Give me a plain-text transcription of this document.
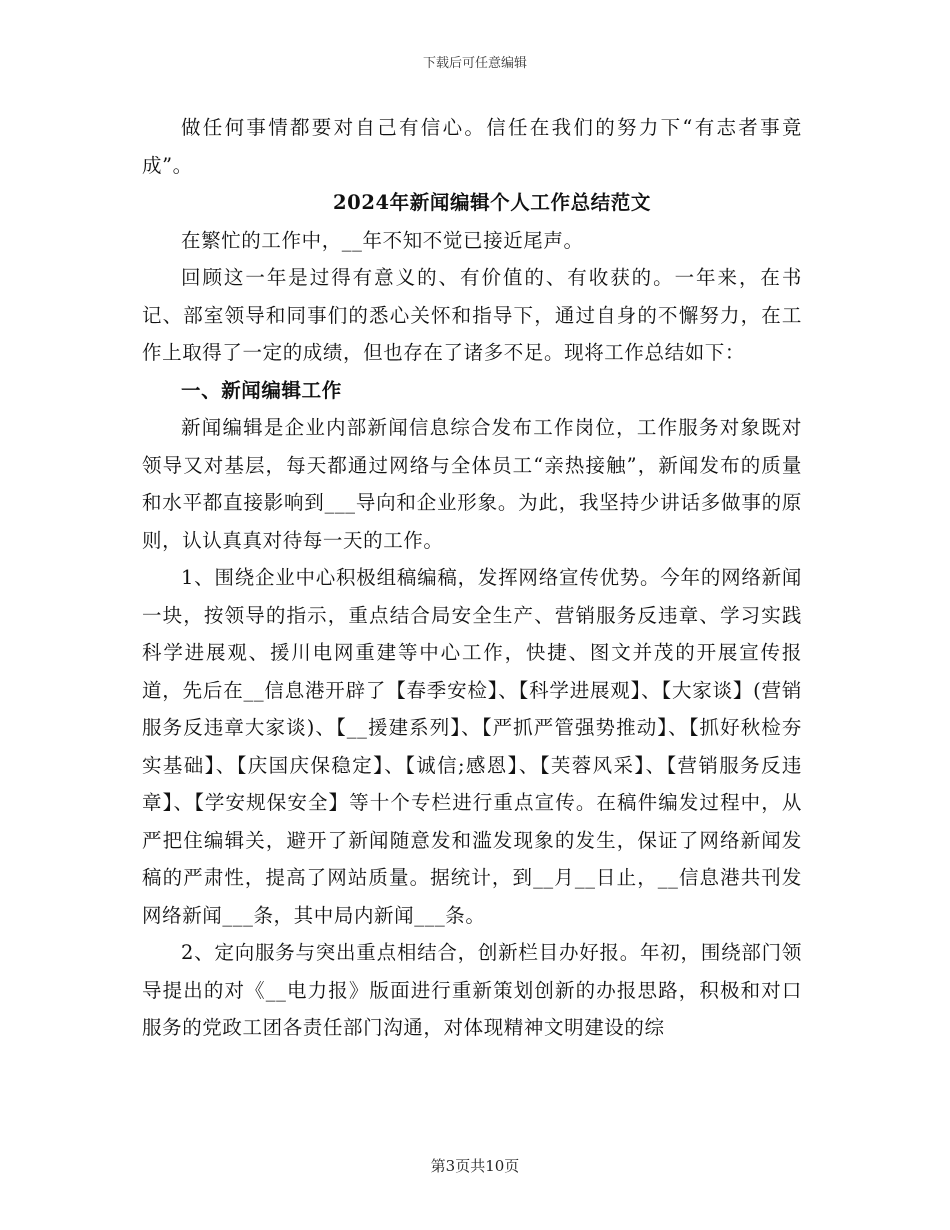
下载后可任意编辑

做任何事情都要对自己有信心。信任在我们的努力下“有志者事竟成”。

2024年新闻编辑个人工作总结范文

在繁忙的工作中，__年不知不觉已接近尾声。

回顾这一年是过得有意义的、有价值的、有收获的。一年来，在书记、部室领导和同事们的悉心关怀和指导下，通过自身的不懈努力，在工作上取得了一定的成绩，但也存在了诸多不足。现将工作总结如下：

一、新闻编辑工作

新闻编辑是企业内部新闻信息综合发布工作岗位，工作服务对象既对领导又对基层，每天都通过网络与全体员工“亲热接触”，新闻发布的质量和水平都直接影响到___导向和企业形象。为此，我坚持少讲话多做事的原则，认认真真对待每一天的工作。

1、围绕企业中心积极组稿编稿，发挥网络宣传优势。今年的网络新闻一块，按领导的指示，重点结合局安全生产、营销服务反违章、学习实践科学进展观、援川电网重建等中心工作，快捷、图文并茂的开展宣传报道，先后在__信息港开辟了【春季安检】、【科学进展观】、【大家谈】(营销服务反违章大家谈)、【__援建系列】、【严抓严管强势推动】、【抓好秋检夯实基础】、【庆国庆保稳定】、【诚信;感恩】、【芙蓉风采】、【营销服务反违章】、【学安规保安全】等十个专栏进行重点宣传。在稿件编发过程中，从严把住编辑关，避开了新闻随意发和滥发现象的发生，保证了网络新闻发稿的严肃性，提高了网站质量。据统计，到__月__日止，__信息港共刊发网络新闻___条，其中局内新闻___条。

2、定向服务与突出重点相结合，创新栏目办好报。年初，围绕部门领导提出的对《__电力报》版面进行重新策划创新的办报思路，积极和对口服务的党政工团各责任部门沟通，对体现精神文明建设的综

第3页共10页
